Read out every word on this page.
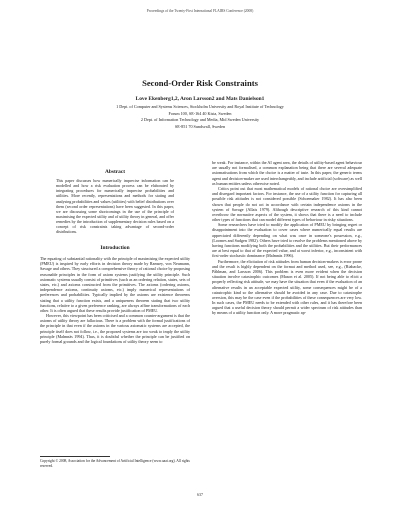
Proceedings of the Twenty-First International FLAIRS Conference (2008)
Second-Order Risk Constraints
Love Ekenberg1,2, Aron Larsson2 and Mats Danielson1
1 Dept. of Computer and Systems Sciences, Stockholm University and Royal Institute of Technology
Forum 100, SE-164 40 Kista, Sweden
2 Dept. of Information Technology and Media, Mid Sweden University
SE-851 70 Sundsvall, Sweden
Abstract

This paper discusses how numerically imprecise information can be modelled and how a risk evaluation process can be elaborated by integrating procedures for numerically imprecise probabilities and utilities. More recently, representations and methods for stating and analysing probabilities and values (utilities) with belief distributions over them (second order representations) have been suggested. In this paper, we are discussing some shortcomings in the use of the principle of maximising the expected utility and of utility theory in general, and offer remedies by the introduction of supplementary decision rules based on a concept of risk constraints taking advantage of second-order distributions.

Introduction

The equating of substantial rationality with the principle of maximising the expected utility (PMEU) is inspired by early efforts in decision theory made by Ramsey, von Neumann, Savage and others. They structured a comprehensive theory of rational choice by proposing reasonable principles in the form of axiom systems justifying the utility principle. Such axiomatic systems usually consist of primitives (such as an ordering relation, states, sets of states, etc.) and axioms constructed from the primitives. The axioms (ordering axioms, independence axioms, continuity axioms, etc.) imply numerical representations of preferences and probabilities. Typically implied by the axioms are existence theorems stating that a utility function exists, and a uniqueness theorem stating that two utility functions, relative to a given preference ranking, are always affine transformations of each other. It is often argued that these results provide justification of PMEU.

However, this viewpoint has been criticised and a common counter-argument is that the axioms of utility theory are fallacious. There is a problem with the formal justifications of the principle in that even if the axioms in the various axiomatic systems are accepted, the principle itself does not follow, i.e., the proposed systems are too weak to imply the utility principle (Malmnäs 1994). Thus, it is doubtful whether the principle can be justified on purely formal grounds and the logical foundations of utility theory seem to

Copyright © 2008, Association for the Advancement of Artificial Intelligence (www.aaai.org). All rights reserved.

be weak. For instance, within the AI agent area, the details of utility-based agent behaviour are usually not formalised, a common explanation being that there are several adequate axiomatisations from which the choice is a matter of taste. In this paper, the generic terms agent and decision-maker are used interchangeably, and include artificial (software) as well as human entities unless otherwise noted.

Critics point out that most mathematical models of rational choice are oversimplified and disregard important factors. For instance, the use of a utility function for capturing all possible risk attitudes is not considered possible (Schoemaker 1982). It has also been shown that people do not act in accordance with certain independence axioms in the system of Savage (Allais 1979). Although descriptive research of this kind cannot overthrow the normative aspects of the system, it shows that there is a need to include other types of functions that can model different types of behaviour in risky situations.

Some researchers have tried to modify the application of PMEU by bringing regret or disappointment into the evaluation to cover cases where numerically equal results are appreciated differently depending on what was once in someone's possession, e.g., (Loomes and Sudgen 1982). Others have tried to resolve the problems mentioned above by having functions modifying both the probabilities and the utilities. But their performances are at best equal to that of the expected value, and at worst inferior, e.g., inconsistent with first-order stochastic dominance (Malmnäs 1996).

Furthermore, the elicitation of risk attitudes from human decision-makers is error prone and the result is highly dependent on the format and method used, see, e.g., (Riabacke, Påhlman, and Larsson 2006). This problem is even more evident when the decision situation involve catastrophic outcomes (Mason et al. 2005). If not being able to elicit a properly reflecting risk attitude, we may have the situation that even if the evaluation of an alternative results in an acceptable expected utility, some consequences might be of a catastrophic kind so the alternative should be avoided in any case. Due to catastrophe aversion, this may be the case even if the probabilities of these consequences are very low. In such cases, the PMEU needs to be extended with other rules, and it has therefore been argued that a useful decision theory should permit a wider spectrum of risk attitudes than by means of a utility function only. A more pragmatic ap-

637
